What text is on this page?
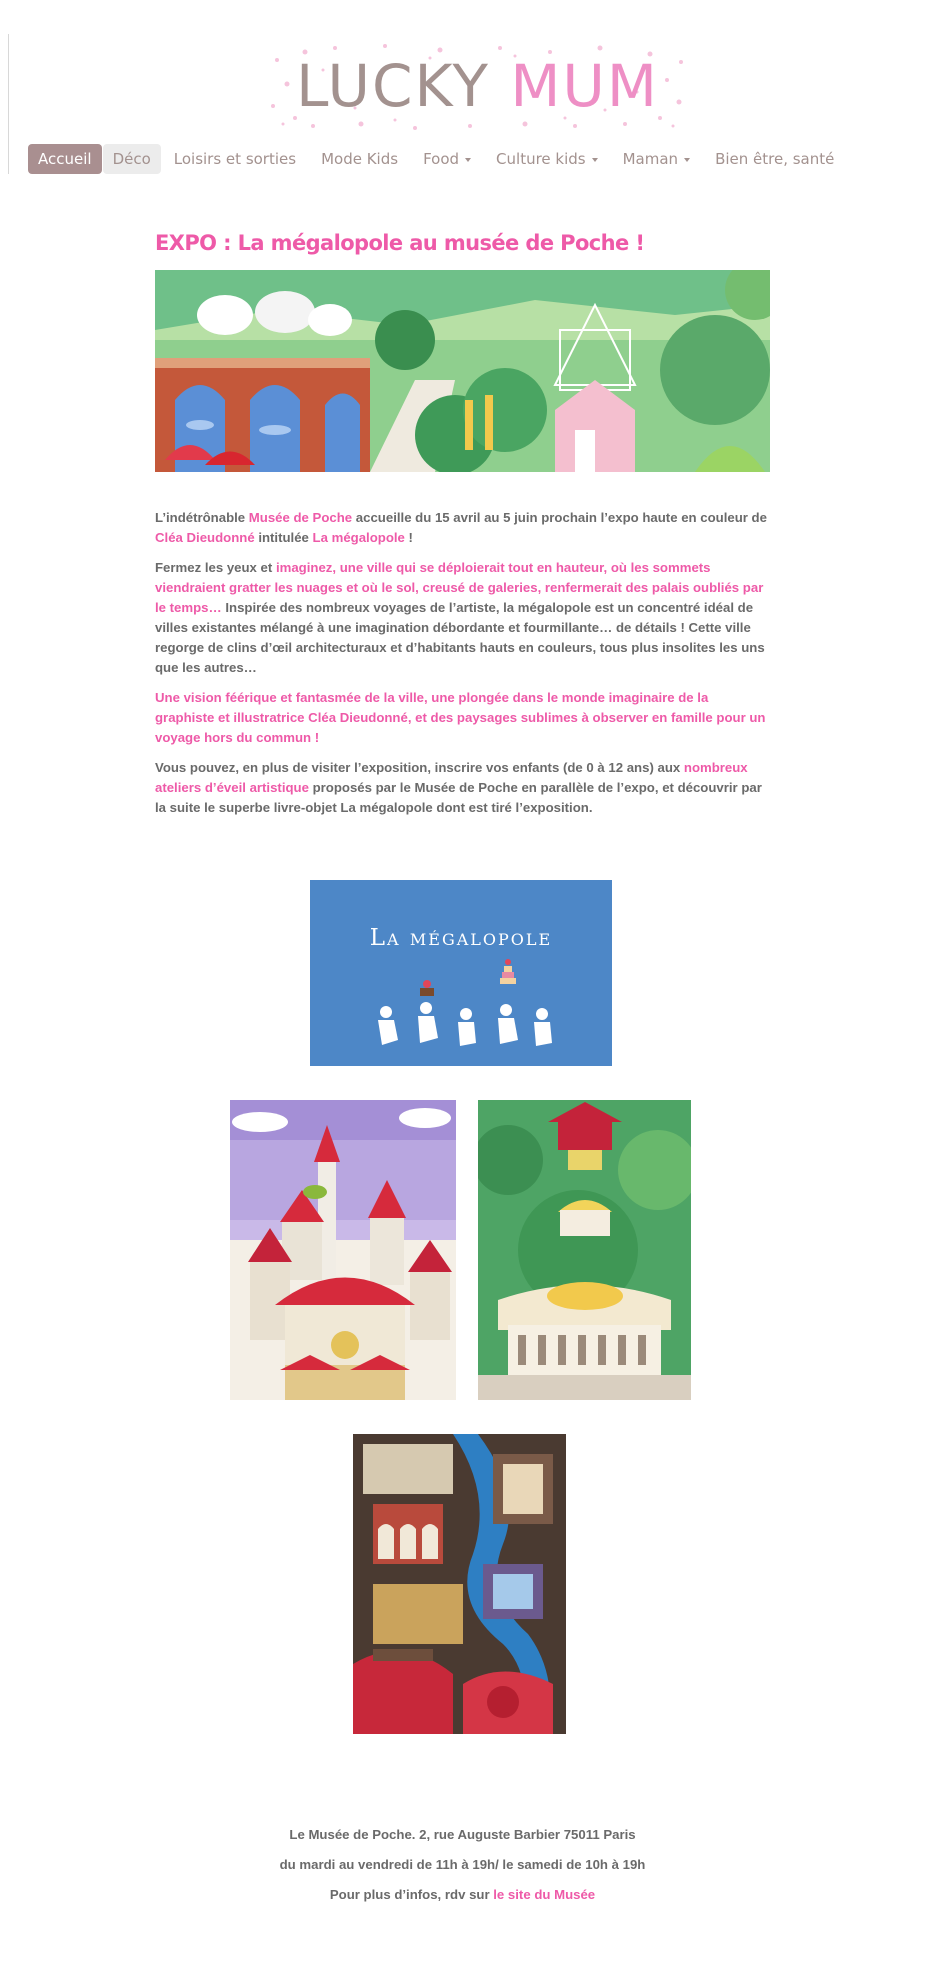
LUCKY MUM
Accueil Déco Loisirs et sorties Mode Kids Food Culture kids Maman Bien être, santé
EXPO : La mégalopole au musée de Poche !

L’indétrônable Musée de Poche accueille du 15 avril au 5 juin prochain l’expo haute en couleur de Cléa Dieudonné intitulée La mégalopole !

Fermez les yeux et imaginez, une ville qui se déploierait tout en hauteur, où les sommets viendraient gratter les nuages et où le sol, creusé de galeries, renfermerait des palais oubliés par le temps… Inspirée des nombreux voyages de l’artiste, la mégalopole est un concentré idéal de villes existantes mélangé à une imagination débordante et fourmillante… de détails ! Cette ville regorge de clins d’œil architecturaux et d’habitants hauts en couleurs, tous plus insolites les uns que les autres…

Une vision féérique et fantasmée de la ville, une plongée dans le monde imaginaire de la graphiste et illustratrice Cléa Dieudonné, et des paysages sublimes à observer en famille pour un voyage hors du commun !

Vous pouvez, en plus de visiter l’exposition, inscrire vos enfants (de 0 à 12 ans) aux nombreux ateliers d’éveil artistique proposés par le Musée de Poche en parallèle de l’expo, et découvrir par la suite le superbe livre-objet La mégalopole dont est tiré l’exposition.

La mégalopole
Le Musée de Poche. 2, rue Auguste Barbier 75011 Paris
du mardi au vendredi de 11h à 19h/ le samedi de 10h à 19h
Pour plus d’infos, rdv sur le site du Musée
